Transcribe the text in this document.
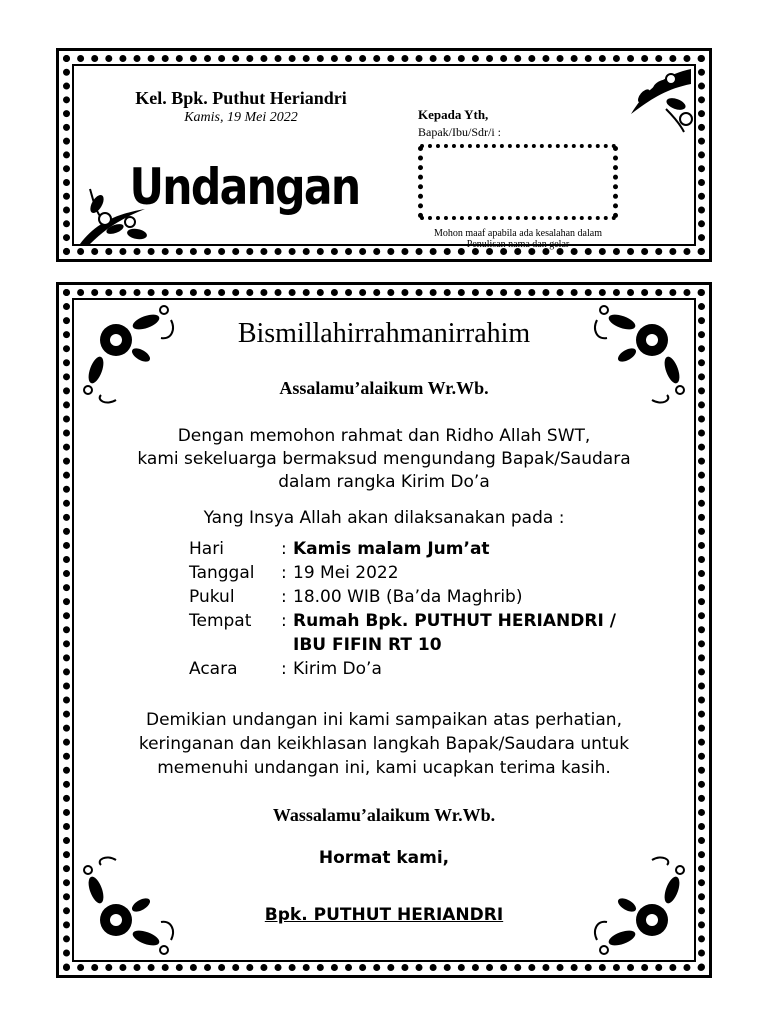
Kel. Bpk. Puthut Heriandri
Kamis, 19 Mei 2022
Undangan
Kepada Yth,
Bapak/Ibu/Sdr/i :
Mohon maaf apabila ada kesalahan dalam
Penulisan nama dan gelar
Bismillahirrahmanirrahim
Assalamu’alaikum Wr.Wb.
Dengan memohon rahmat dan Ridho Allah SWT,
kami sekeluarga bermaksud mengundang Bapak/Saudara
dalam rangka Kirim Do’a
Yang Insya Allah akan dilaksanakan pada :
Hari	: Kamis malam Jum’at
Tanggal : 19 Mei 2022
Pukul	: 18.00 WIB (Ba’da Maghrib)
Tempat : Rumah Bpk. PUTHUT HERIANDRI /
IBU FIFIN RT 10
Acara	: Kirim Do’a
Demikian undangan ini kami sampaikan atas perhatian,
keringanan dan keikhlasan langkah Bapak/Saudara untuk
memenuhi undangan ini, kami ucapkan terima kasih.
Wassalamu’alaikum Wr.Wb.
Hormat kami,
Bpk. PUTHUT HERIANDRI
